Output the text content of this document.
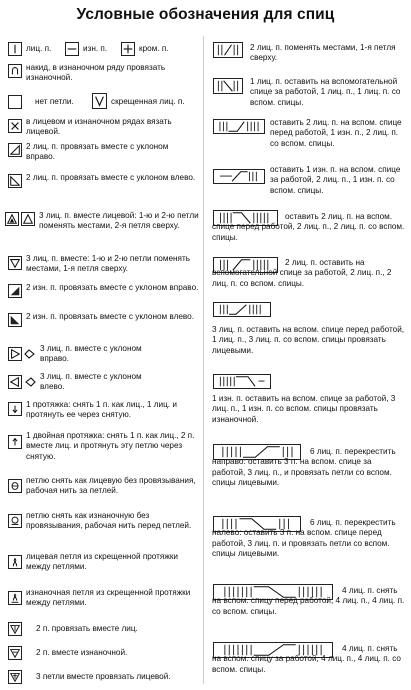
Условные обозначения для спиц
лиц. п.	изн. п.	кром. п.
накид, в изнаночном ряду провязать изнаночной.
нет петли.	скрещенная лиц. п.
в лицевом и изнаночном рядах вязать лицевой.
2 лиц. п. провязать вместе с уклоном вправо.
2 лиц. п. провязать вместе с уклоном влево.
3 лиц. п. вместе лицевой: 1-ю и 2-ю петли поменять местами, 2-я петля сверху.
3 лиц. п. вместе: 1-ю и 2-ю петли поменять местами, 1-я петля сверху.
2 изн. п. провязать вместе с уклоном вправо.
2 изн. п. провязать вместе с уклоном влево.
3 лиц. п. вместе с уклоном вправо.
3 лиц. п. вместе с уклоном влево.
1 протяжка: снять 1 п. как лиц., 1 лиц. и протянуть ее через снятую.
1 двойная протяжка: снять 1 п. как лиц., 2 п. вместе лиц. и протянуть эту петлю через снятую.
петлю снять как лицевую без провязывания, рабочая нить за петлей.
петлю снять как изнаночную без провязывания, рабочая нить перед петлей.
лицевая петля из скрещенной протяжки между петлями.
изнаночная петля из скрещенной протяжки между петлями.
2 п. провязать вместе лиц.
2 п. вместе изнаночной.
3 петли вместе провязать лицевой.
2 лиц. п. поменять местами, 1-я петля сверху.
1 лиц. п. оставить на вспомогательной спице за работой, 1 лиц. п., 1 лиц. п. со вспом. спицы.
оставить 2 лиц. п. на вспом. спице перед работой, 1 изн. п., 2 лиц. п. со вспом. спицы.
оставить 1 изн. п. на вспом. спице за работой, 2 лиц. п., 1 изн. п. со вспом. спицы.
оставить 2 лиц. п. на вспом. спице перед работой, 2 лиц. п., 2 лиц. п. со вспом. спицы.
2 лиц. п. оставить на вспомогательной спице за работой, 2 лиц. п., 2 лиц. п. со вспом. спицы.
3 лиц. п. оставить на вспом. спице перед работой, 1 лиц. п., 3 лиц. п. со вспом. спицы провязать лицевыми.
1 изн. п. оставить на вспом. спице за работой, 3 лиц. п., 1 изн. п. со вспом. спицы провязать изнаночной.
6 лиц. п. перекрестить направо: оставить 3 п. на вспом. спице за работой, 3 лиц. п., и провязать петли со вспом. спицы лицевыми.
6 лиц. п. перекрестить налево: оставить 3 п. на вспом. спице перед работой, 3 лиц. п. и провязать петли со вспом. спицы лицевыми.
4 лиц. п. снять на вспом. спицу перед работой, 4 лиц. п., 4 лиц. п. со вспом. спицы.
4 лиц. п. снять на вспом. спицу за работой, 4 лиц. п., 4 лиц. п. со вспом. спицы.
